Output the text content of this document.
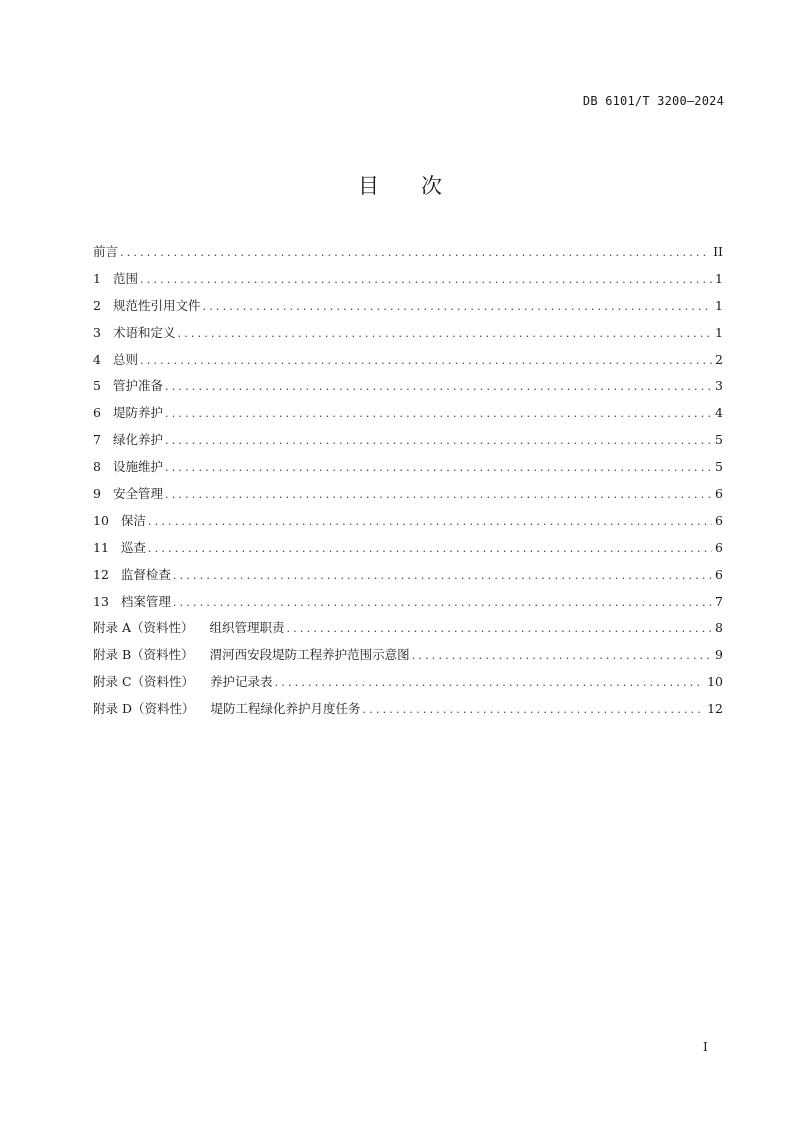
DB 6101/T 3200—2024
目 次
前言 .....	II
1 范围 .....	1
2 规范性引用文件 .....	1
3 术语和定义 .....	1
4 总则 .....	2
5 管护准备 .....	3
6 堤防养护 .....	4
7 绿化养护 .....	5
8 设施维护 .....	5
9 安全管理 .....	6
10 保洁 .....	6
11 巡查 .....	6
12 监督检查 .....	6
13 档案管理 .....	7
附录 A（资料性） 组织管理职责 .....	8
附录 B（资料性） 渭河西安段堤防工程养护范围示意图 .....	9
附录 C（资料性） 养护记录表 .....	10
附录 D（资料性） 堤防工程绿化养护月度任务 .....	12
I
